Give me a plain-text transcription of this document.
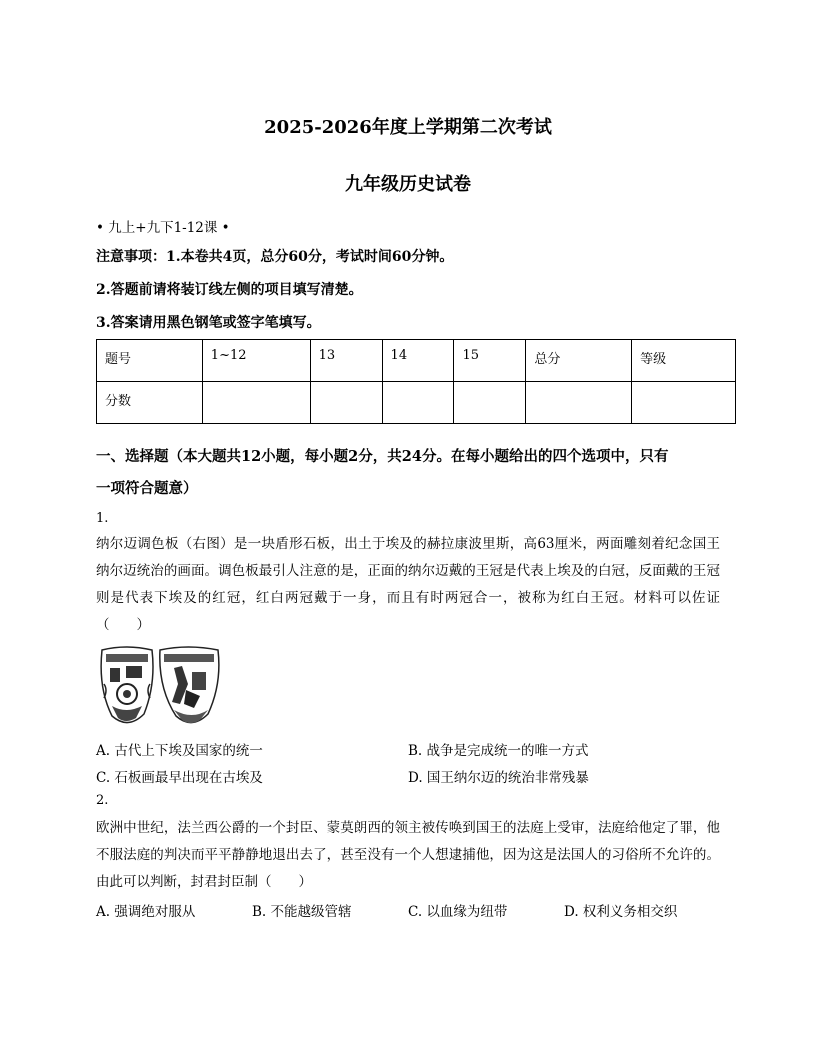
2025-2026年度上学期第二次考试
九年级历史试卷
• 九上+九下1-12课 •
注意事项：1.本卷共4页，总分60分，考试时间60分钟。
2.答题前请将装订线左侧的项目填写清楚。
3.答案请用黑色钢笔或签字笔填写。
题号	1~12	13	14	15	总分	等级
分数						
一、选择题（本大题共12小题，每小题2分，共24分。在每小题给出的四个选项中，只有
一项符合题意）
1.
纳尔迈调色板（右图）是一块盾形石板，出土于埃及的赫拉康波里斯，高63厘米，两面雕刻着纪念国王纳尔迈统治的画面。调色板最引人注意的是，正面的纳尔迈戴的王冠是代表上埃及的白冠，反面戴的王冠则是代表下埃及的红冠，红白两冠戴于一身，而且有时两冠合一，被称为红白王冠。材料可以佐证（　　）
A. 古代上下埃及国家的统一	B. 战争是完成统一的唯一方式
C. 石板画最早出现在古埃及	D. 国王纳尔迈的统治非常残暴
2.
欧洲中世纪，法兰西公爵的一个封臣、蒙莫朗西的领主被传唤到国王的法庭上受审，法庭给他定了罪，他不服法庭的判决而平平静静地退出去了，甚至没有一个人想逮捕他，因为这是法国人的习俗所不允许的。由此可以判断，封君封臣制（　　）
A. 强调绝对服从	B. 不能越级管辖	C. 以血缘为纽带	D. 权利义务相交织
